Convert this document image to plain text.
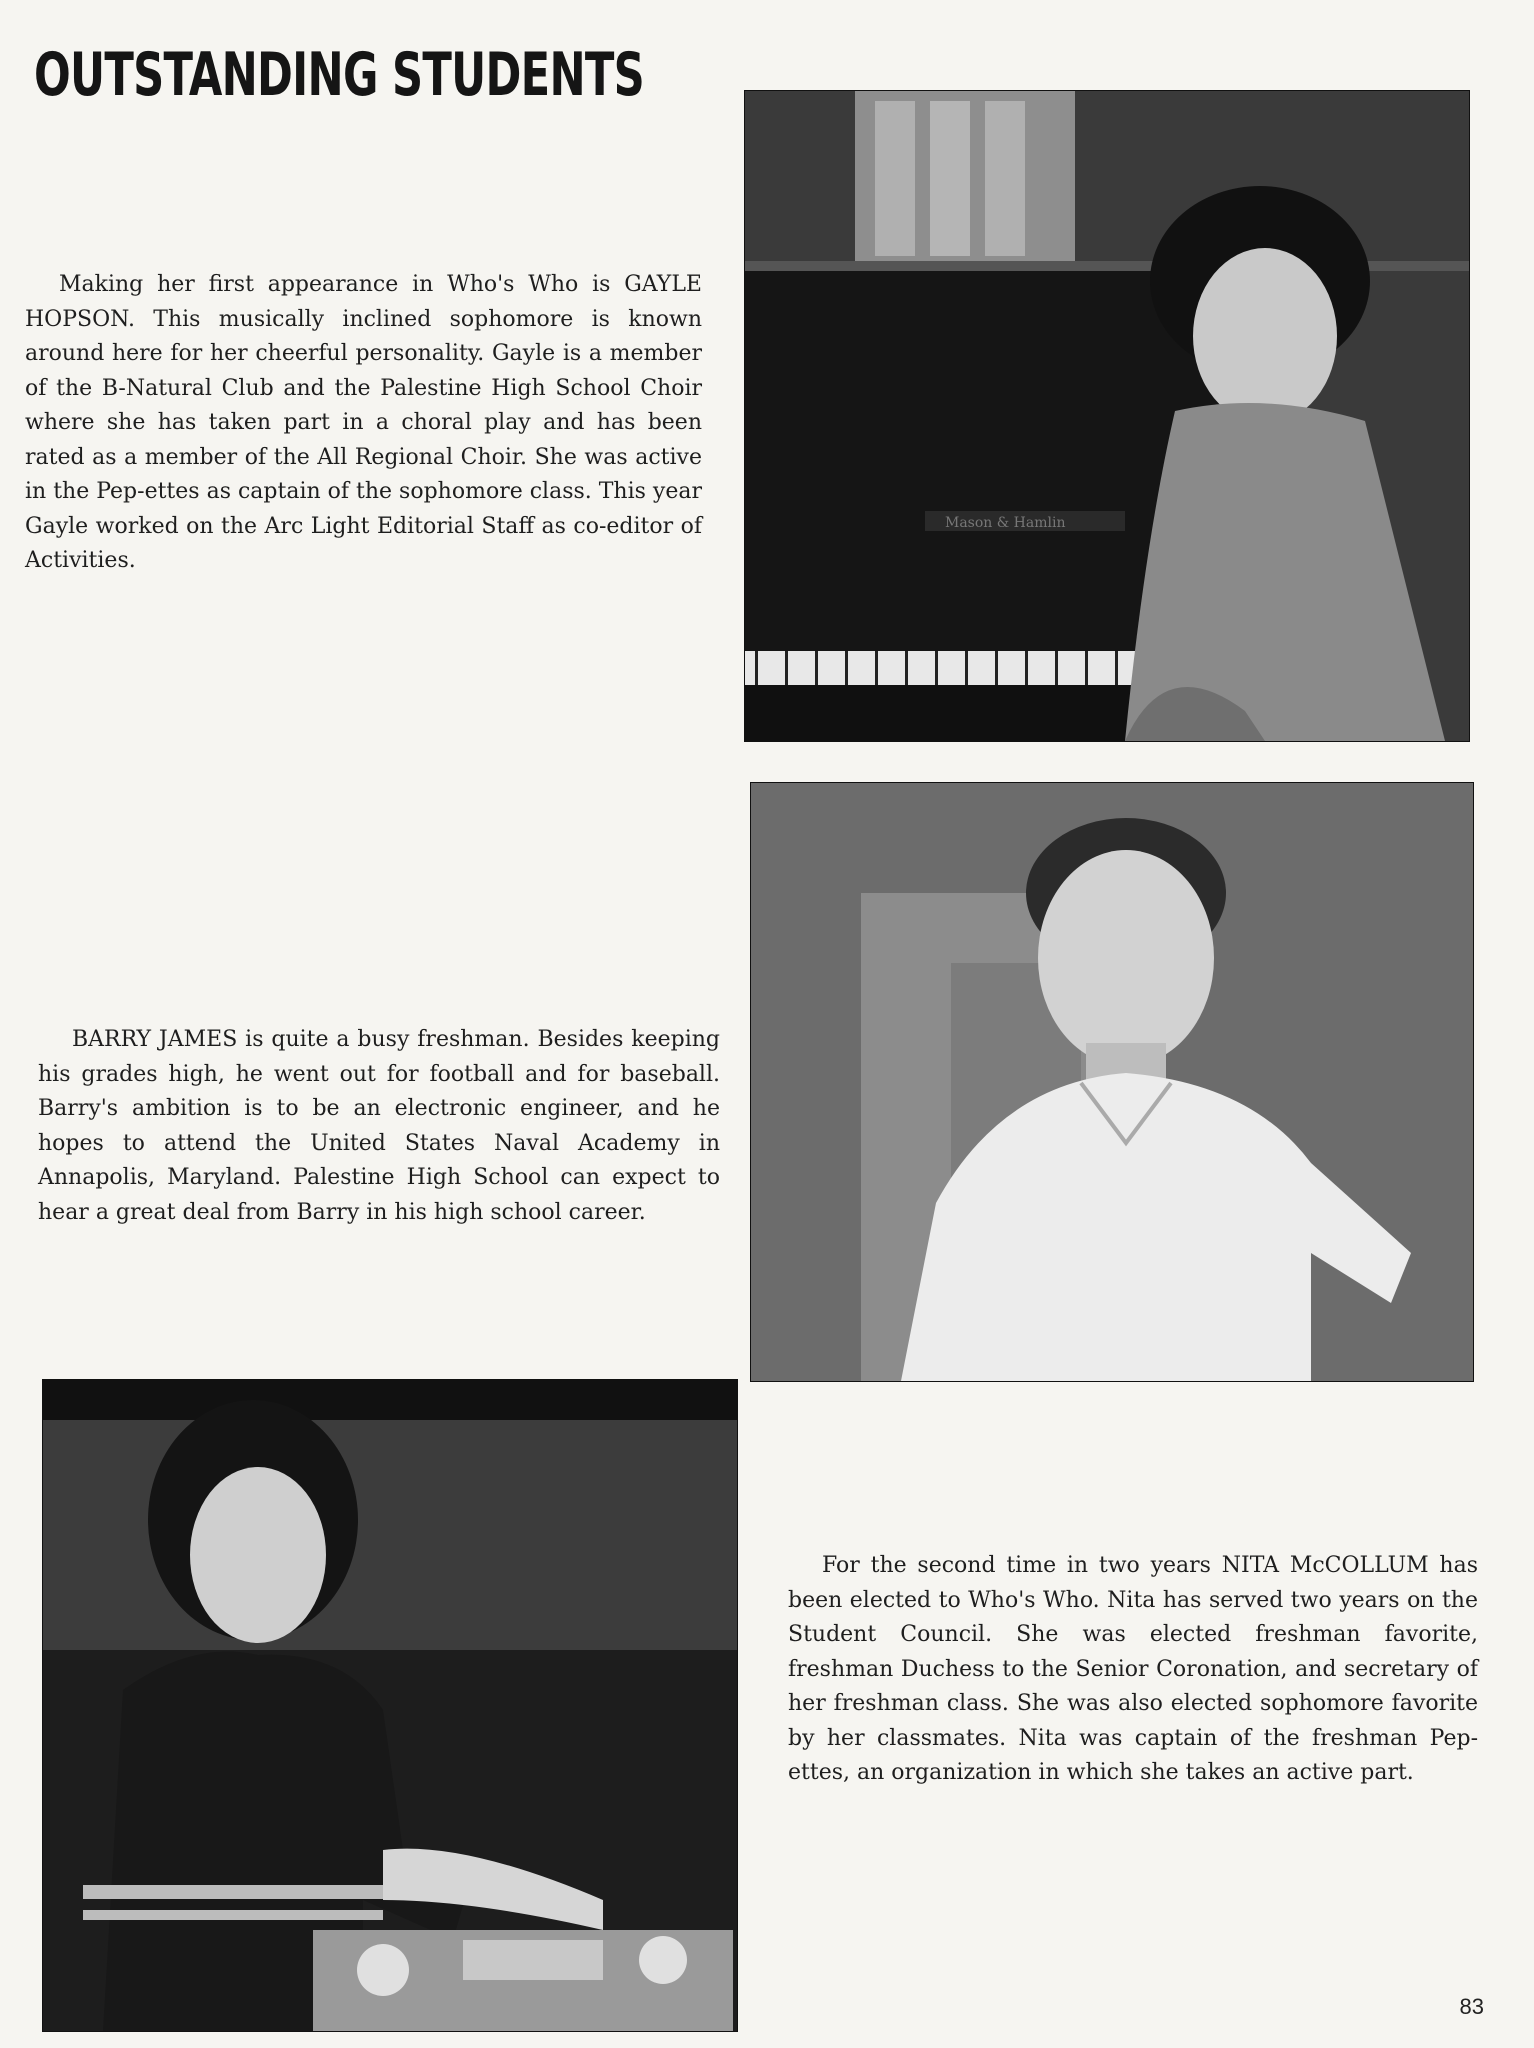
OUTSTANDING STUDENTS
Mason & Hamlin

Making her first appearance in Who's Who is GAYLE HOPSON. This musically inclined sophomore is known around here for her cheerful personality. Gayle is a member of the B-Natural Club and the Palestine High School Choir where she has taken part in a choral play and has been rated as a member of the All Regional Choir. She was active in the Pep-ettes as captain of the sophomore class. This year Gayle worked on the Arc Light Editorial Staff as co-editor of Activities.

BARRY JAMES is quite a busy freshman. Besides keeping his grades high, he went out for football and for baseball. Barry's ambition is to be an electronic engineer, and he hopes to attend the United States Naval Academy in Annapolis, Maryland. Palestine High School can expect to hear a great deal from Barry in his high school career.

For the second time in two years NITA McCOLLUM has been elected to Who's Who. Nita has served two years on the Student Council. She was elected freshman favorite, freshman Duchess to the Senior Coronation, and secretary of her freshman class. She was also elected sophomore favorite by her classmates. Nita was captain of the freshman Pep-ettes, an organization in which she takes an active part.

83
